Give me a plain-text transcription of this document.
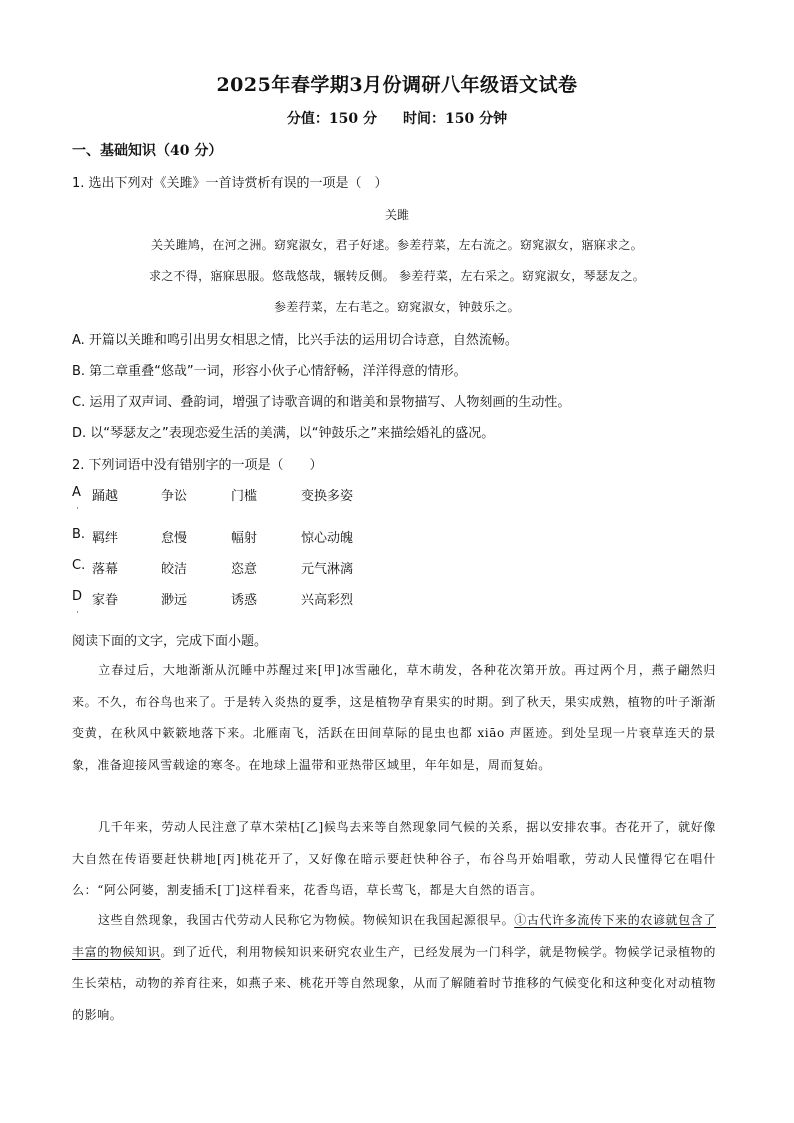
2025年春学期3月份调研八年级语文试卷
分值：150 分 时间：150 分钟
一、基础知识（40 分）
1. 选出下列对《关雎》一首诗赏析有误的一项是（　）
关雎
关关雎鸠，在河之洲。窈窕淑女，君子好逑。参差荇菜，左右流之。窈窕淑女，寤寐求之。
求之不得，寤寐思服。悠哉悠哉，辗转反侧。 参差荇菜，左右采之。窈窕淑女，琴瑟友之。
参差荇菜，左右芼之。窈窕淑女，钟鼓乐之。
A. 开篇以关雎和鸣引出男女相思之情，比兴手法的运用切合诗意，自然流畅。
B. 第二章重叠“悠哉”一词，形容小伙子心情舒畅，洋洋得意的情形。
C. 运用了双声词、叠韵词，增强了诗歌音调的和谐美和景物描写、人物刻画的生动性。
D. 以“琴瑟友之”表现恋爱生活的美满，以“钟鼓乐之”来描绘婚礼的盛况。
2. 下列词语中没有错别字的一项是（　　）
A 踊越	争讼	门槛	变换多姿
·
B. 羁绊	怠慢	幅射	惊心动魄
C. 落幕	皎洁	恣意	元气淋漓
D 家眷	渺远	诱惑	兴高彩烈
·
阅读下面的文字，完成下面小题。
立春过后，大地渐渐从沉睡中苏醒过来[甲]冰雪融化，草木萌发，各种花次第开放。再过两个月，燕子翩然归来。不久，布谷鸟也来了。于是转入炎热的夏季，这是植物孕育果实的时期。到了秋天，果实成熟，植物的叶子渐渐变黄，在秋风中簌簌地落下来。北雁南飞，活跃在田间草际的昆虫也都 xiāo 声匿迹。到处呈现一片衰草连天的景象，准备迎接风雪载途的寒冬。在地球上温带和亚热带区域里，年年如是，周而复始。
几千年来，劳动人民注意了草木荣枯[乙]候鸟去来等自然现象同气候的关系，据以安排农事。杏花开了，就好像大自然在传语要赶快耕地[丙]桃花开了，又好像在暗示要赶快种谷子，布谷鸟开始唱歌，劳动人民懂得它在唱什么：“阿公阿婆，割麦插禾[丁]这样看来，花香鸟语，草长莺飞，都是大自然的语言。
这些自然现象，我国古代劳动人民称它为物候。物候知识在我国起源很早。①古代许多流传下来的农谚就包含了丰富的物候知识。到了近代，利用物候知识来研究农业生产，已经发展为一门科学，就是物候学。物候学记录植物的生长荣枯，动物的养育往来，如燕子来、桃花开等自然现象，从而了解随着时节推移的气候变化和这种变化对动植物的影响。
